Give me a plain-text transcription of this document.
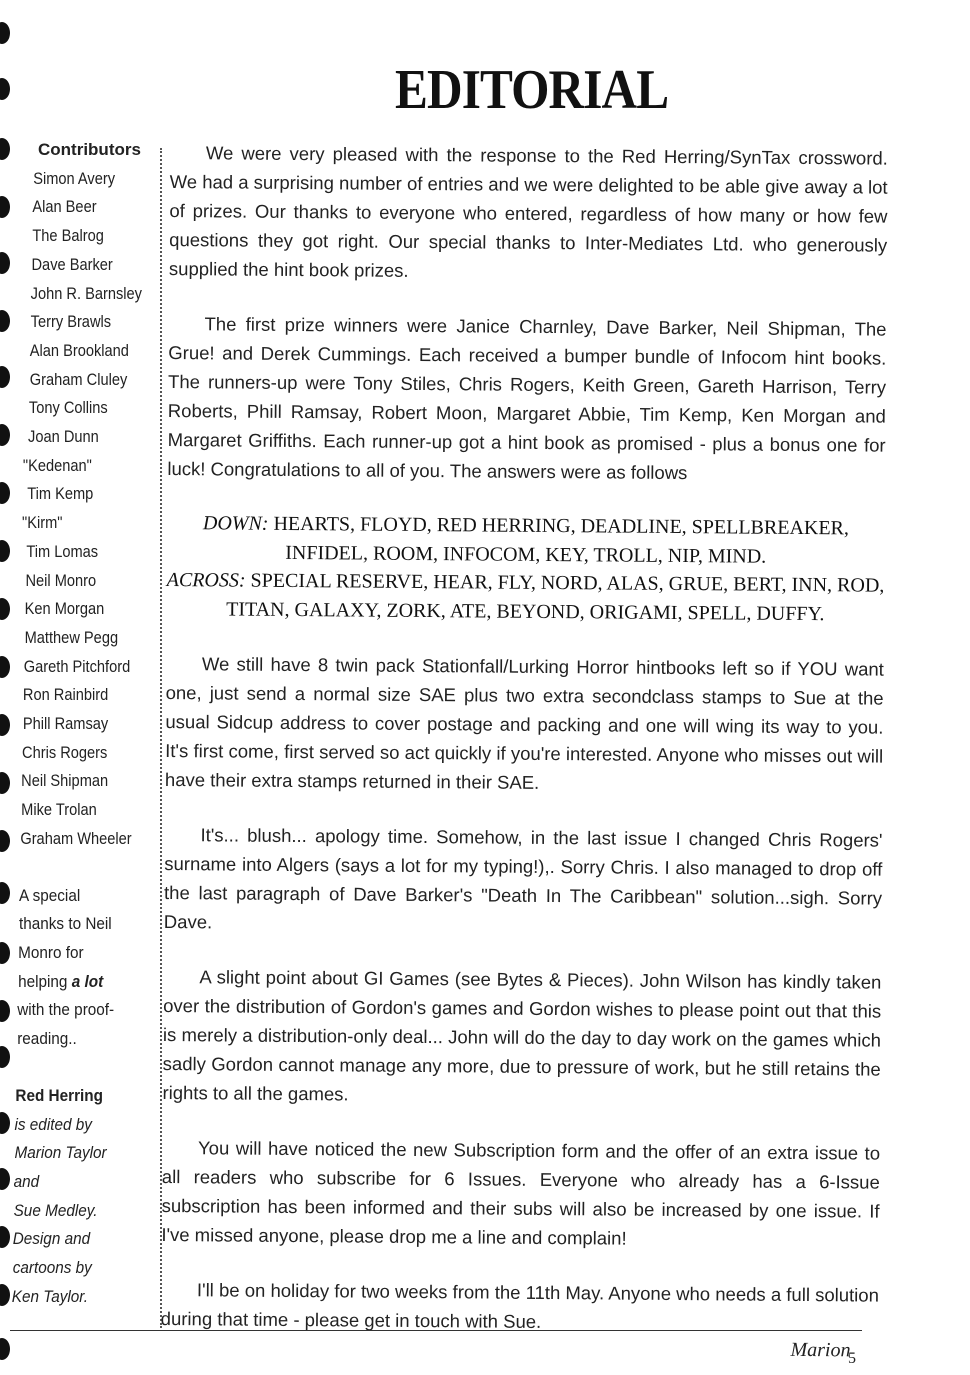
EDITORIAL
Contributors
Simon Avery
Alan Beer
The Balrog
Dave Barker
John R. Barnsley
Terry Brawls
Alan Brookland
Graham Cluley
Tony Collins
Joan Dunn
"Kedenan"
Tim Kemp
"Kirm"
Tim Lomas
Neil Monro
Ken Morgan
Matthew Pegg
Gareth Pitchford
Ron Rainbird
Phill Ramsay
Chris Rogers
Neil Shipman
Mike Trolan
Graham Wheeler
A special
thanks to Neil
Monro for
helping a lot
with the proof-
reading..
Red Herring
is edited by
Marion Taylor
and
Sue Medley.
Design and
cartoons by
Ken Taylor.

We were very pleased with the response to the Red Herring/SynTax crossword. We had a surprising number of entries and we were delighted to be able give away a lot of prizes. Our thanks to everyone who entered, regardless of how many or how few questions they got right. Our special thanks to Inter-Mediates Ltd. who generously supplied the hint book prizes.

The first prize winners were Janice Charnley, Dave Barker, Neil Shipman, The Grue! and Derek Cummings. Each received a bumper bundle of Infocom hint books. The runners-up were Tony Stiles, Chris Rogers, Keith Green, Gareth Harrison, Terry Roberts, Phill Ramsay, Robert Moon, Margaret Abbie, Tim Kemp, Ken Morgan and Margaret Griffiths. Each runner-up got a hint book as promised - plus a bonus one for luck! Congratulations to all of you. The answers were as follows

DOWN: HEARTS, FLOYD, RED HERRING, DEADLINE, SPELLBREAKER, INFIDEL, ROOM, INFOCOM, KEY, TROLL, NIP, MIND.
ACROSS: SPECIAL RESERVE, HEAR, FLY, NORD, ALAS, GRUE, BERT, INN, ROD, TITAN, GALAXY, ZORK, ATE, BEYOND, ORIGAMI, SPELL, DUFFY.

We still have 8 twin pack Stationfall/Lurking Horror hintbooks left so if YOU want one, just send a normal size SAE plus two extra secondclass stamps to Sue at the usual Sidcup address to cover postage and packing and one will wing its way to you. It's first come, first served so act quickly if you're interested. Anyone who misses out will have their extra stamps returned in their SAE.

It's... blush... apology time. Somehow, in the last issue I changed Chris Rogers' surname into Algers (says a lot for my typing!),. Sorry Chris. I also managed to drop off the last paragraph of Dave Barker's "Death In The Caribbean" solution...sigh. Sorry Dave.

A slight point about GI Games (see Bytes & Pieces). John Wilson has kindly taken over the distribution of Gordon's games and Gordon wishes to please point out that this is merely a distribution-only deal... John will do the day to day work on the games which sadly Gordon cannot manage any more, due to pressure of work, but he still retains the rights to all the games.

You will have noticed the new Subscription form and the offer of an extra issue to all readers who subscribe for 6 Issues. Everyone who already has a 6-Issue subscription has been informed and their subs will also be increased by one issue. If I've missed anyone, please drop me a line and complain!

I'll be on holiday for two weeks from the 11th May. Anyone who needs a full solution during that time - please get in touch with Sue.

Marion
5
